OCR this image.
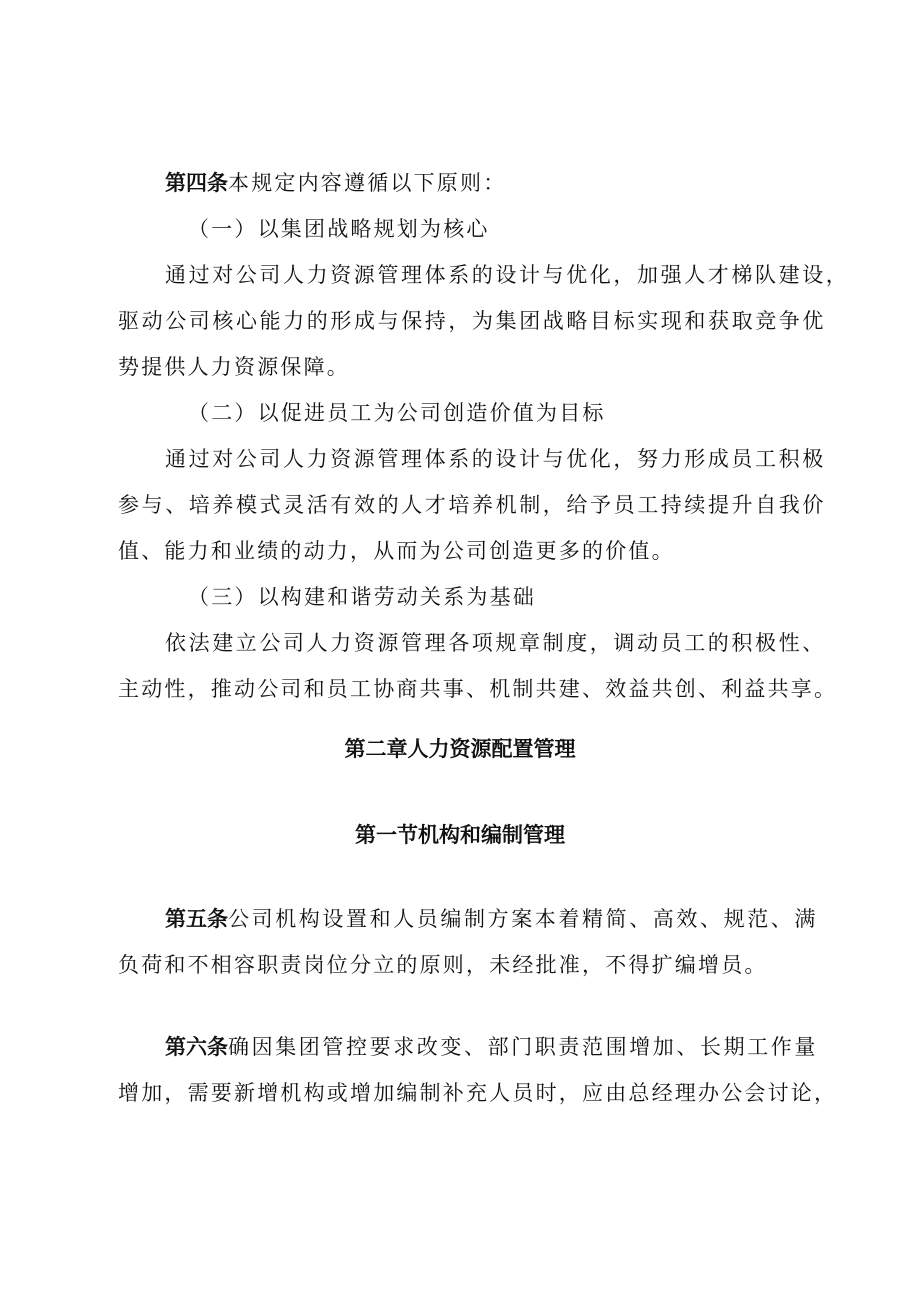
第四条本规定内容遵循以下原则：
（一）以集团战略规划为核心
通过对公司人力资源管理体系的设计与优化，加强人才梯队建设，
驱动公司核心能力的形成与保持，为集团战略目标实现和获取竞争优
势提供人力资源保障。
（二）以促进员工为公司创造价值为目标
通过对公司人力资源管理体系的设计与优化，努力形成员工积极
参与、培养模式灵活有效的人才培养机制，给予员工持续提升自我价
值、能力和业绩的动力，从而为公司创造更多的价值。
（三）以构建和谐劳动关系为基础
依法建立公司人力资源管理各项规章制度，调动员工的积极性、
主动性，推动公司和员工协商共事、机制共建、效益共创、利益共享。
第二章人力资源配置管理
第一节机构和编制管理
第五条公司机构设置和人员编制方案本着精简、高效、规范、满
负荷和不相容职责岗位分立的原则，未经批准，不得扩编增员。
第六条确因集团管控要求改变、部门职责范围增加、长期工作量
增加，需要新增机构或增加编制补充人员时，应由总经理办公会讨论，
